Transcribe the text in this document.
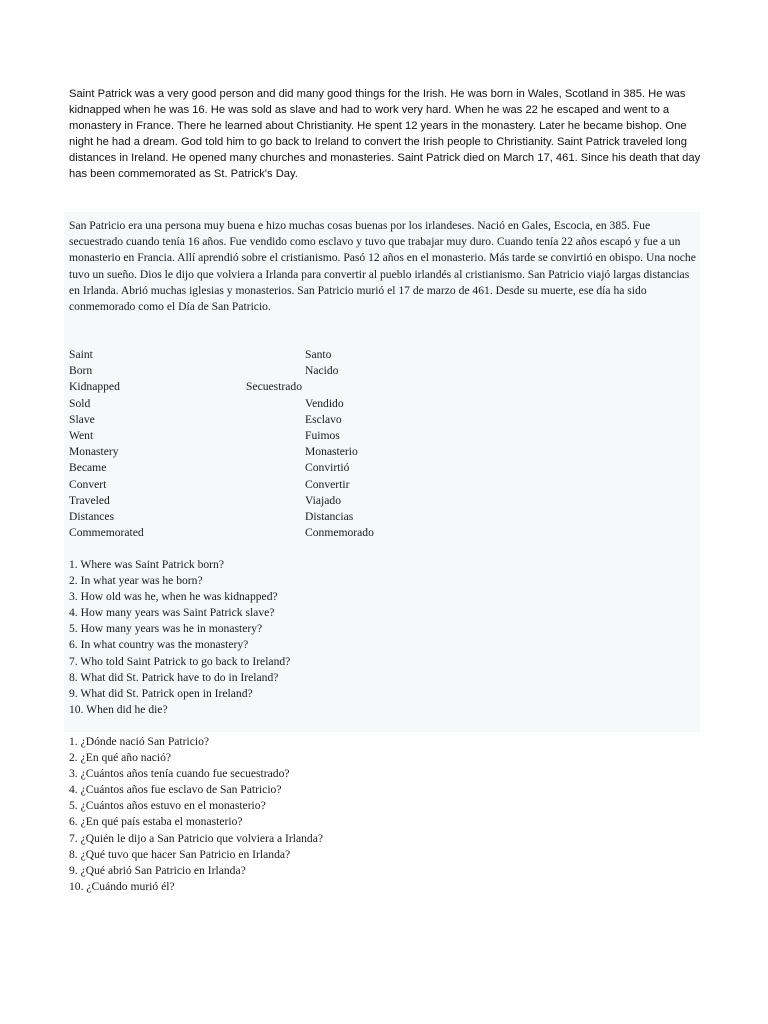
Saint Patrick was a very good person and did many good things for the Irish. He was born in Wales, Scotland in 385. He was kidnapped when he was 16. He was sold as slave and had to work very hard. When he was 22 he escaped and went to a monastery in France. There he learned about Christianity. He spent 12 years in the monastery. Later he became bishop. One night he had a dream. God told him to go back to Ireland to convert the Irish people to Christianity. Saint Patrick traveled long distances in Ireland. He opened many churches and monasteries. Saint Patrick died on March 17, 461. Since his death that day has been commemorated as St. Patrick's Day.

San Patricio era una persona muy buena e hizo muchas cosas buenas por los irlandeses. Nació en Gales, Escocia, en 385. Fue secuestrado cuando tenía 16 años. Fue vendido como esclavo y tuvo que trabajar muy duro. Cuando tenía 22 años escapó y fue a un monasterio en Francia. Allí aprendió sobre el cristianismo. Pasó 12 años en el monasterio. Más tarde se convirtió en obispo. Una noche tuvo un sueño. Dios le dijo que volviera a Irlanda para convertir al pueblo irlandés al cristianismo. San Patricio viajó largas distancias en Irlanda. Abrió muchas iglesias y monasterios. San Patricio murió el 17 de marzo de 461. Desde su muerte, ese día ha sido conmemorado como el Día de San Patricio.

Saint	Santo
Born	Nacido
Kidnapped	Secuestrado
Sold	Vendido
Slave	Esclavo
Went	Fuimos
Monastery	Monasterio
Became	Convirtió
Convert	Convertir
Traveled	Viajado
Distances	Distancias
Commemorated	Conmemorado
1. Where was Saint Patrick born?
2. In what year was he born?
3. How old was he, when he was kidnapped?
4. How many years was Saint Patrick slave?
5. How many years was he in monastery?
6. In what country was the monastery?
7. Who told Saint Patrick to go back to Ireland?
8. What did St. Patrick have to do in Ireland?
9. What did St. Patrick open in Ireland?
10. When did he die?
1. ¿Dónde nació San Patricio?
2. ¿En qué año nació?
3. ¿Cuántos años tenía cuando fue secuestrado?
4. ¿Cuántos años fue esclavo de San Patricio?
5. ¿Cuántos años estuvo en el monasterio?
6. ¿En qué país estaba el monasterio?
7. ¿Quién le dijo a San Patricio que volviera a Irlanda?
8. ¿Qué tuvo que hacer San Patricio en Irlanda?
9. ¿Qué abrió San Patricio en Irlanda?
10. ¿Cuándo murió él?
